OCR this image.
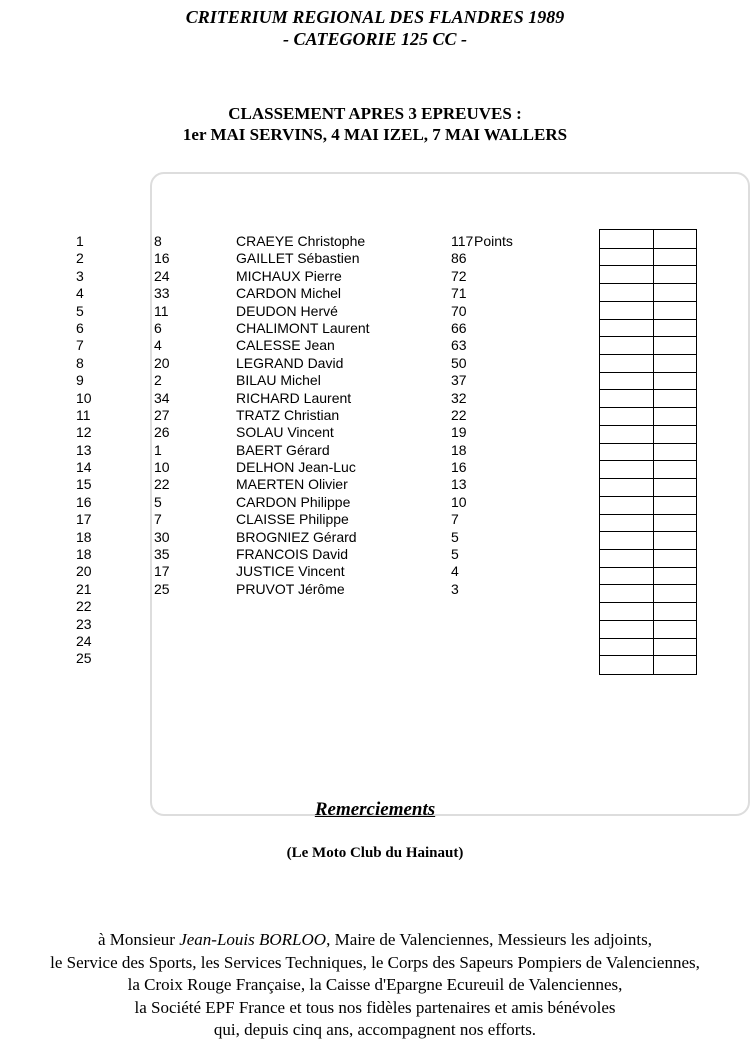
CRITERIUM REGIONAL DES FLANDRES 1989
- CATEGORIE 125 CC -
CLASSEMENT APRES 3 EPREUVES :
1er MAI SERVINS, 4 MAI IZEL, 7 MAI WALLERS
1	8	CRAEYE Christophe	117 Points
2	16	GAILLET Sébastien	86
3	24	MICHAUX Pierre	72
4	33	CARDON Michel	71
5	11	DEUDON Hervé	70
6	6	CHALIMONT Laurent	66
7	4	CALESSE Jean	63
8	20	LEGRAND David	50
9	2	BILAU Michel	37
10	34	RICHARD Laurent	32
11	27	TRATZ Christian	22
12	26	SOLAU Vincent	19
13	1	BAERT Gérard	18
14	10	DELHON Jean-Luc	16
15	22	MAERTEN Olivier	13
16	5	CARDON Philippe	10
17	7	CLAISSE Philippe	7
18	30	BROGNIEZ Gérard	5
18	35	FRANCOIS David	5
20	17	JUSTICE Vincent	4
21	25	PRUVOT Jérôme	3
22
23
24
25
Remerciements
(Le Moto Club du Hainaut)

à Monsieur Jean-Louis BORLOO, Maire de Valenciennes, Messieurs les adjoints,

le Service des Sports, les Services Techniques, le Corps des Sapeurs Pompiers de Valenciennes,

la Croix Rouge Française, la Caisse d'Epargne Ecureuil de Valenciennes,

la Société EPF France et tous nos fidèles partenaires et amis bénévoles

qui, depuis cinq ans, accompagnent nos efforts.
